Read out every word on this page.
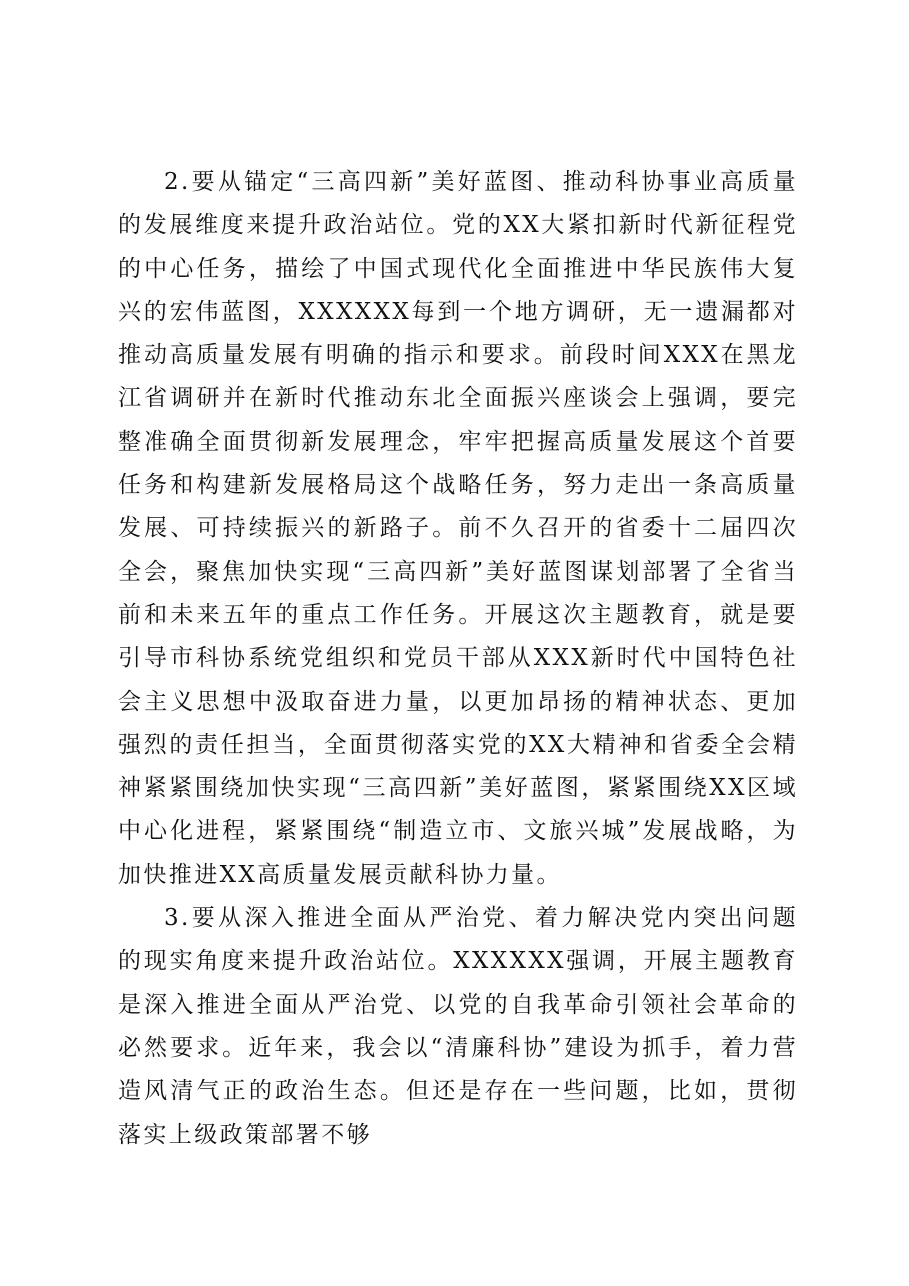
2.要从锚定“三高四新”美好蓝图、推动科协事业高质量的发展维度来提升政治站位。党的XX大紧扣新时代新征程党的中心任务，描绘了中国式现代化全面推进中华民族伟大复兴的宏伟蓝图，XXXXXX每到一个地方调研，无一遗漏都对推动高质量发展有明确的指示和要求。前段时间XXX在黑龙江省调研并在新时代推动东北全面振兴座谈会上强调，要完整准确全面贯彻新发展理念，牢牢把握高质量发展这个首要任务和构建新发展格局这个战略任务，努力走出一条高质量发展、可持续振兴的新路子。前不久召开的省委十二届四次全会，聚焦加快实现“三高四新”美好蓝图谋划部署了全省当前和未来五年的重点工作任务。开展这次主题教育，就是要引导市科协系统党组织和党员干部从XXX新时代中国特色社会主义思想中汲取奋进力量，以更加昂扬的精神状态、更加强烈的责任担当，全面贯彻落实党的XX大精神和省委全会精神紧紧围绕加快实现“三高四新”美好蓝图，紧紧围绕XX区域中心化进程，紧紧围绕“制造立市、文旅兴城”发展战略，为加快推进XX高质量发展贡献科协力量。

3.要从深入推进全面从严治党、着力解决党内突出问题的现实角度来提升政治站位。XXXXXX强调，开展主题教育是深入推进全面从严治党、以党的自我革命引领社会革命的必然要求。近年来，我会以“清廉科协”建设为抓手，着力营造风清气正的政治生态。但还是存在一些问题，比如，贯彻落实上级政策部署不够
